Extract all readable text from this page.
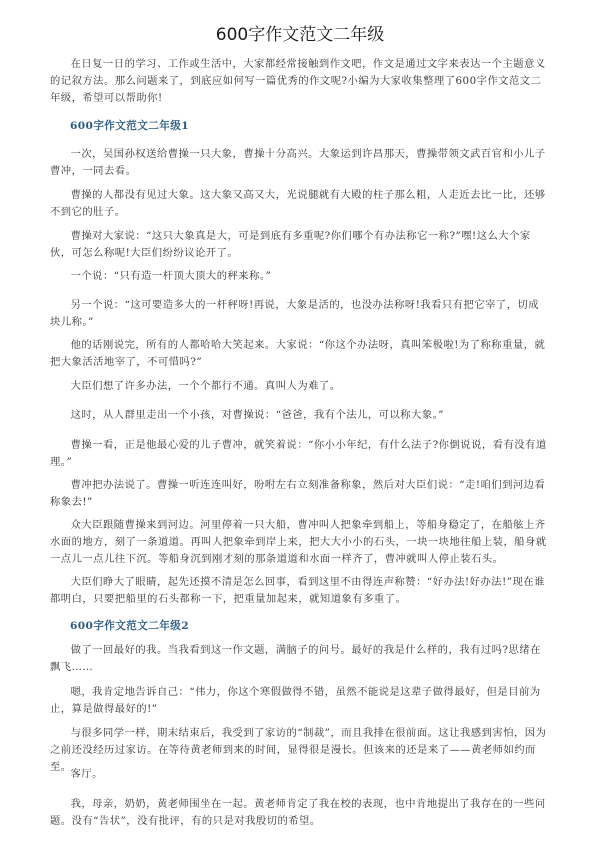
600字作文范文二年级

在日复一日的学习、工作或生活中，大家都经常接触到作文吧，作文是通过文字来表达一个主题意义的记叙方法。那么问题来了，到底应如何写一篇优秀的作文呢?小编为大家收集整理了600字作文范文二年级，希望可以帮助你!

600字作文范文二年级1

一次，吴国孙权送给曹操一只大象，曹操十分高兴。大象运到许昌那天，曹操带领文武百官和小儿子曹冲，一同去看。

曹操的人都没有见过大象。这大象又高又大，光说腿就有大殿的柱子那么粗，人走近去比一比，还够不到它的肚子。

曹操对大家说：“这只大象真是大，可是到底有多重呢?你们哪个有办法称它一称?”嘿!这么大个家伙，可怎么称呢!大臣们纷纷议论开了。

一个说：“只有造一杆顶大顶大的秤来称。”

另一个说：“这可要造多大的一杆秤呀!再说，大象是活的，也没办法称呀!我看只有把它宰了，切成块儿称。”

他的话刚说完，所有的人都哈哈大笑起来。大家说：“你这个办法呀，真叫笨极啦!为了称称重量，就把大象活活地宰了，不可惜吗?”

大臣们想了许多办法，一个个都行不通。真叫人为难了。

这时，从人群里走出一个小孩，对曹操说：“爸爸，我有个法儿，可以称大象。”

曹操一看，正是他最心爱的儿子曹冲，就笑着说：“你小小年纪，有什么法子?你倒说说，看有没有道理。”

曹冲把办法说了。曹操一听连连叫好，吩咐左右立刻准备称象，然后对大臣们说：“走!咱们到河边看称象去!”

众大臣跟随曹操来到河边。河里停着一只大船，曹冲叫人把象牵到船上，等船身稳定了，在船舷上齐水面的地方，刻了一条道道。再叫人把象牵到岸上来，把大大小小的石头，一块一块地往船上装，船身就一点儿一点儿往下沉。等船身沉到刚才刻的那条道道和水面一样齐了，曹冲就叫人停止装石头。

大臣们睁大了眼睛，起先还摸不清是怎么回事，看到这里不由得连声称赞：“好办法!好办法!”现在谁都明白，只要把船里的石头都称一下，把重量加起来，就知道象有多重了。

600字作文范文二年级2

做了一回最好的我。当我看到这一作文题，满脑子的问号。最好的我是什么样的，我有过吗?思绪在飘飞……

嗯，我肯定地告诉自己：“伟力，你这个寒假做得不错，虽然不能说是这辈子做得最好，但是目前为止，算是做得最好的!”

与很多同学一样，期末结束后，我受到了家访的“制裁”，而且我排在很前面。这让我感到害怕，因为之前还没经历过家访。在等待黄老师到来的时间，显得很是漫长。但该来的还是来了——黄老师如约而至。

客厅。

我，母亲，奶奶，黄老师围坐在一起。黄老师肯定了我在校的表现，也中肯地提出了我存在的一些问题。没有“告状”，没有批评，有的只是对我殷切的希望。
